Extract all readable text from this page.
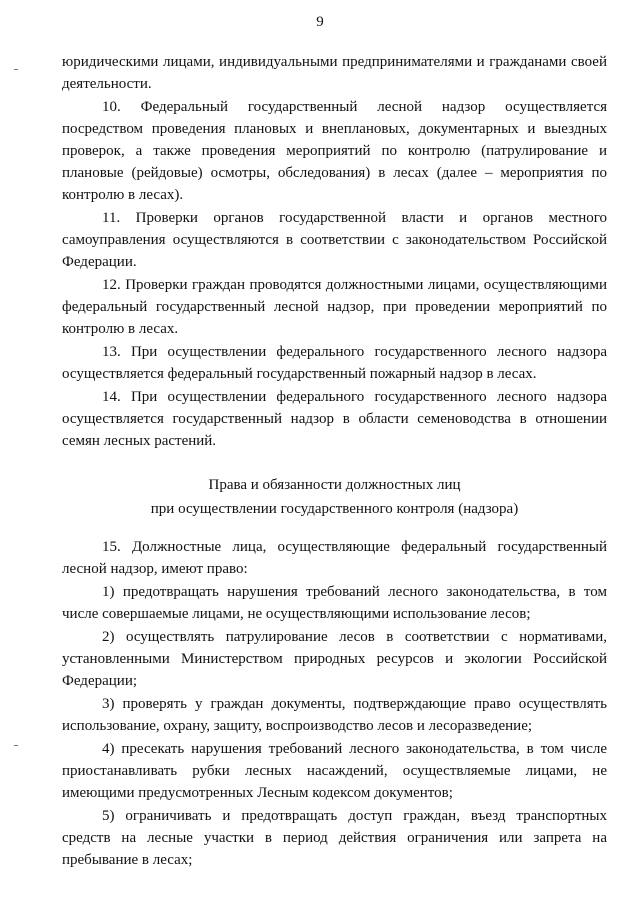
9

юридическими лицами, индивидуальными предпринимателями и гражданами своей деятельности.

10. Федеральный государственный лесной надзор осуществляется посредством проведения плановых и внеплановых, документарных и выездных проверок, а также проведения мероприятий по контролю (патрулирование и плановые (рейдовые) осмотры, обследования) в лесах (далее – мероприятия по контролю в лесах).

11. Проверки органов государственной власти и органов местного самоуправления осуществляются в соответствии с законодательством Российской Федерации.

12. Проверки граждан проводятся должностными лицами, осуществляющими федеральный государственный лесной надзор, при проведении мероприятий по контролю в лесах.

13. При осуществлении федерального государственного лесного надзора осуществляется федеральный государственный пожарный надзор в лесах.

14. При осуществлении федерального государственного лесного надзора осуществляется государственный надзор в области семеноводства в отношении семян лесных растений.

Права и обязанности должностных лиц
при осуществлении государственного контроля (надзора)

15. Должностные лица, осуществляющие федеральный государственный лесной надзор, имеют право:

1) предотвращать нарушения требований лесного законодательства, в том числе совершаемые лицами, не осуществляющими использование лесов;

2) осуществлять патрулирование лесов в соответствии с нормативами, установленными Министерством природных ресурсов и экологии Российской Федерации;

3) проверять у граждан документы, подтверждающие право осуществлять использование, охрану, защиту, воспроизводство лесов и лесоразведение;

4) пресекать нарушения требований лесного законодательства, в том числе приостанавливать рубки лесных насаждений, осуществляемые лицами, не имеющими предусмотренных Лесным кодексом документов;

5) ограничивать и предотвращать доступ граждан, въезд транспортных средств на лесные участки в период действия ограничения или запрета на пребывание в лесах;
